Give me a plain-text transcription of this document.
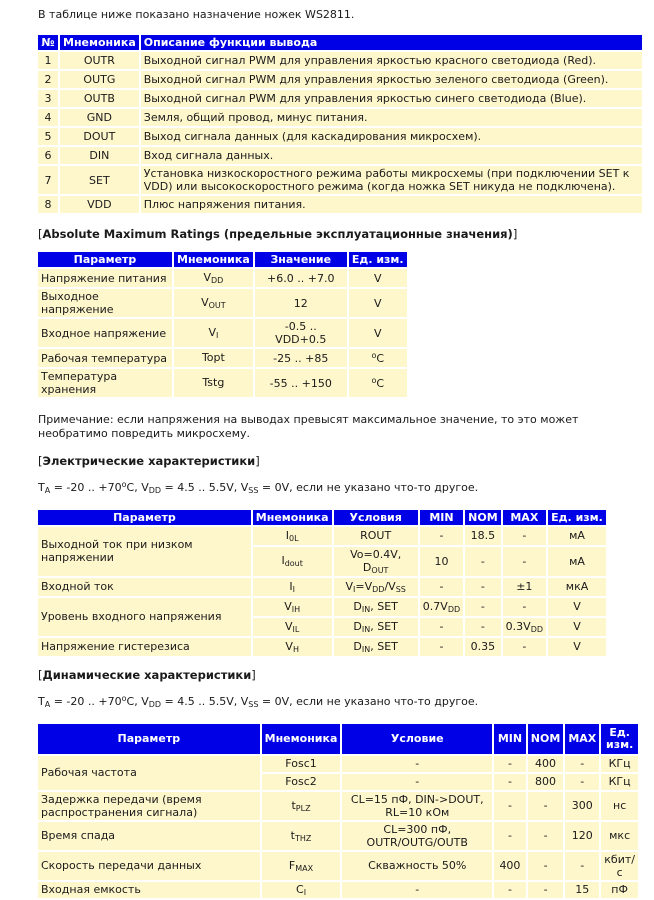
В таблице ниже показано назначение ножек WS2811.

№	Мнемоника	Описание функции вывода
1	OUTR	Выходной сигнал PWM для управления яркостью красного светодиода (Red).
2	OUTG	Выходной сигнал PWM для управления яркостью зеленого светодиода (Green).
3	OUTB	Выходной сигнал PWM для управления яркостью синего светодиода (Blue).
4	GND	Земля, общий провод, минус питания.
5	DOUT	Выход сигнала данных (для каскадирования микросхем).
6	DIN	Вход сигнала данных.
7	SET	Установка низкоскоростного режима работы микросхемы (при подключении SET к VDD) или высокоскоростного режима (когда ножка SET никуда не подключена).
8	VDD	Плюс напряжения питания.

[Absolute Maximum Ratings (предельные эксплуатационные значения)]

Параметр	Мнемоника	Значение	Ед. изм.
Напряжение питания	$V_{DD}$	+6.0 .. +7.0	V
Выходное напряжение	$V_{OUT}$	12	V
Входное напряжение	$V_I$	-0.5 .. VDD+0.5	V
Рабочая температура	Topt	-25 .. +85	$^o$C
Температура хранения	Tstg	-55 .. +150	$^o$C

Примечание: если напряжения на выводах превысят максимальное значение, то это может необратимо повредить микросхему.

[Электрические характеристики]

$T_A = -20$ .. $+70^oC$, $V_{DD} = 4.5$ .. 5.5V, $V_{SS} = 0V$, если не указано что-то другое.

Параметр	Мнемоника	Условия	MIN	NOM	MAX	Ед. изм.
Выходной ток при низком напряжении	$I_{0L}$	ROUT	-	18.5	-	мА
	$I_{dout}$	Vo=0.4V, $D_{OUT}$	10	-	-	мА
Входной ток	$I_I$	$V_I=V_{DD}/V_{SS}$	-	-	±1	мкА
Уровень входного напряжения	$V_{IH}$	$D_{IN}$, SET	$0.7V_{DD}$	-	-	V
	$V_{IL}$	$D_{IN}$, SET	-	-	$0.3V_{DD}$	V
Напряжение гистерезиса	$V_H$	$D_{IN}$, SET	-	0.35	-	V

[Динамические характеристики]

$T_A = -20$ .. $+70^oC$, $V_{DD} = 4.5$ .. 5.5V, $V_{SS} = 0V$, если не указано что-то другое.

Параметр	Мнемоника	Условие	MIN	NOM	MAX	Ед. изм.
Рабочая частота	Fosc1	-	-	400	-	КГц
	Fosc2	-	-	800	-	КГц
Задержка передачи (время распространения сигнала)	$t_{PLZ}$	CL=15 пФ, DIN->DOUT, RL=10 кОм	-	-	300	нс
Время спада	$t_{THZ}$	CL=300 пФ, OUTR/OUTG/OUTB	-	-	120	мкс
Скорость передачи данных	$F_{MAX}$	Скважность 50%	400	-	-	кбит/с
Входная емкость	$C_I$	-	-	-	15	пФ
